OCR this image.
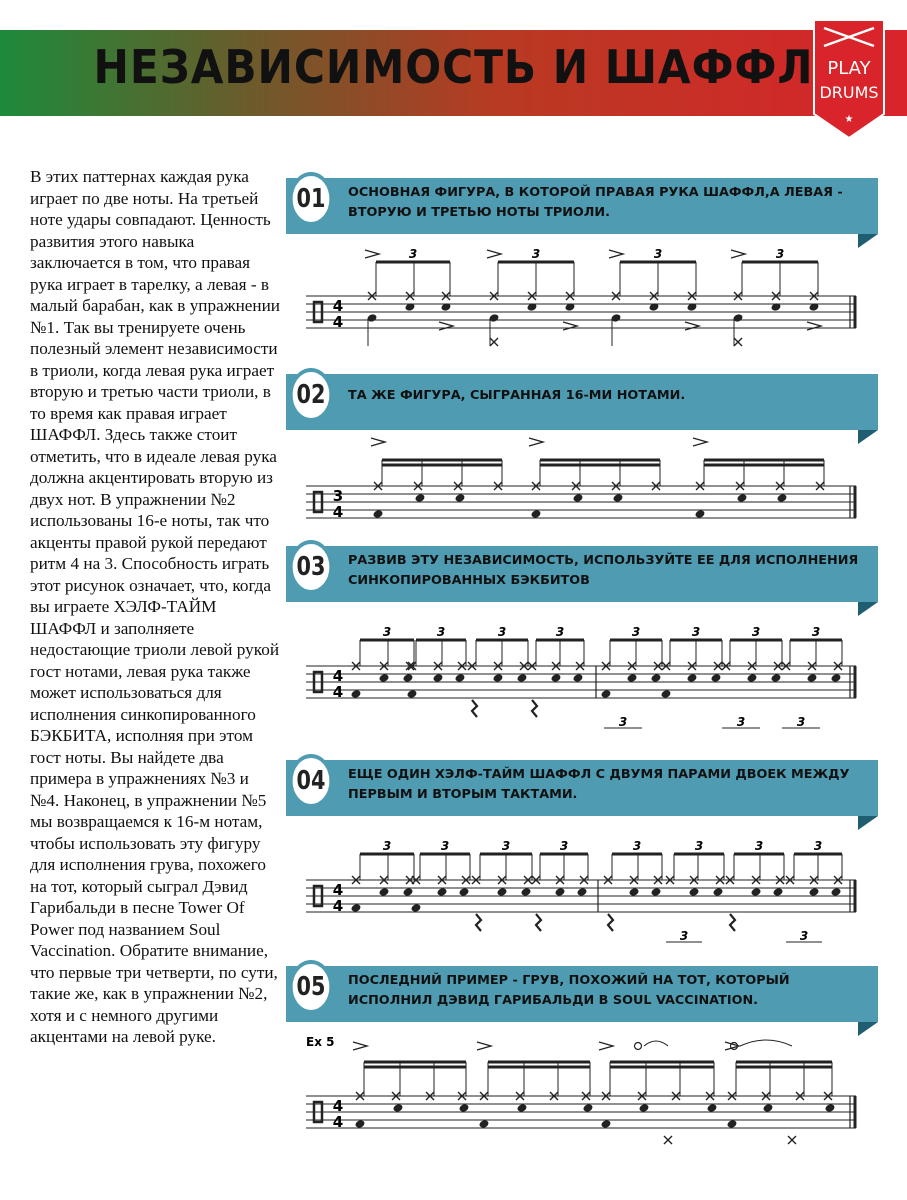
НЕЗАВИСИМОСТЬ И ШАФФЛ PLAY
DRUMS
★
В этих паттернах каждая рука играет по две ноты. На третьей ноте удары совпадают. Ценность развития этого навыка заключается в том, что правая рука играет в тарелку, а левая - в малый барабан, как в упражнении №1. Так вы тренируете очень полезный элемент независимости в триоли, когда левая рука играет вторую и третью части триоли, в то время как правая играет ШАФФЛ. Здесь также стоит отметить, что в идеале левая рука должна акцентировать вторую из двух нот. В упражнении №2 использованы 16-е ноты, так что акценты правой рукой передают ритм 4 на 3. Способность играть этот рисунок означает, что, когда вы играете ХЭЛФ-ТАЙМ ШАФФЛ и заполняете недостающие триоли левой рукой гост нотами, левая рука также может использоваться для исполнения синкопированного БЭКБИТА, исполняя при этом гост ноты. Вы найдете два примера в упражнениях №3 и №4. Наконец, в упражнении №5 мы возвращаемся к 16-м нотам, чтобы использовать эту фигуру для исполнения грува, похожего на тот, который сыграл Дэвид Гарибальди в песне Tower Of Power под названием Soul Vaccination. Обратите внимание, что первые три четверти, по сути, такие же, как в упражнении №2, хотя и с немного другими акцентами на левой руке.
01	ОСНОВНАЯ ФИГУРА, В КОТОРОЙ ПРАВАЯ РУКА ШАФФЛ,А ЛЕВАЯ - ВТОРУЮ И ТРЕТЬЮ НОТЫ ТРИОЛИ.
4
4
3	3	3	3
02	ТА ЖЕ ФИГУРА, СЫГРАННАЯ 16-МИ НОТАМИ.
3
4
03	РАЗВИВ ЭТУ НЕЗАВИСИМОСТЬ, ИСПОЛЬЗУЙТЕ ЕЕ ДЛЯ ИСПОЛНЕНИЯ СИНКОПИРОВАННЫХ БЭКБИТОВ
4
4
3	3	3	3	3	3	3	3
3	3	3
04	ЕЩЕ ОДИН ХЭЛФ-ТАЙМ ШАФФЛ С ДВУМЯ ПАРАМИ ДВОЕК МЕЖДУ ПЕРВЫМ И ВТОРЫМ ТАКТАМИ.
4
4
3	3	3	3	3	3	3	3
3	3
05	ПОСЛЕДНИЙ ПРИМЕР - ГРУВ, ПОХОЖИЙ НА ТОТ, КОТОРЫЙ ИСПОЛНИЛ ДЭВИД ГАРИБАЛЬДИ В SOUL VACCINATION.
Ex 5
4
4
